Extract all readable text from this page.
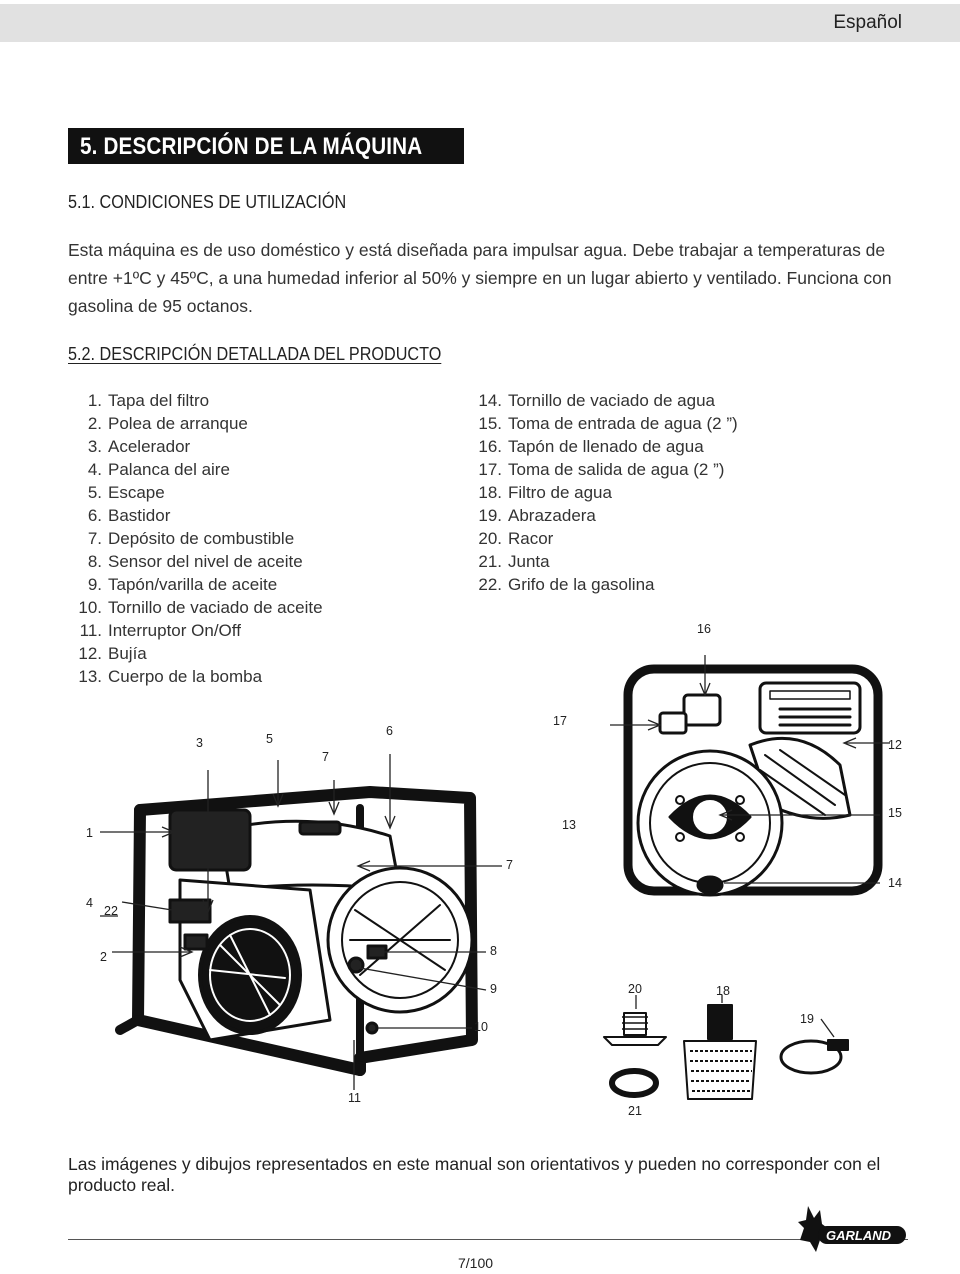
Español
5. DESCRIPCIÓN DE LA MÁQUINA
5.1. CONDICIONES DE UTILIZACIÓN
Esta máquina es de uso doméstico y está diseñada para impulsar agua. Debe trabajar a temperaturas de entre +1ºC y 45ºC, a una humedad inferior al 50% y siempre en un lugar abierto y ventilado. Funciona con gasolina de 95 octanos.
5.2. DESCRIPCIÓN DETALLADA DEL PRODUCTO
1. Tapa del filtro
2. Polea de arranque
3. Acelerador
4. Palanca del aire
5. Escape
6. Bastidor
7. Depósito de combustible
8. Sensor del nivel de aceite
9. Tapón/varilla de aceite
10. Tornillo de vaciado de aceite
11. Interruptor On/Off
12. Bujía
13. Cuerpo de la bomba
14. Tornillo de vaciado de agua
15. Toma de entrada de agua (2 ”)
16. Tapón de llenado de agua
17. Toma de salida de agua (2 ”)
18. Filtro de agua
19. Abrazadera
20. Racor
21. Junta
22. Grifo de la gasolina
3	5
7
6
1
7
4
22
2	8
9
10
11
16
17
12
13
15
14
20	18
19
21
Las imágenes y dibujos representados en este manual son orientativos y pueden no corresponder con el producto real.
7/100
GARLAND
